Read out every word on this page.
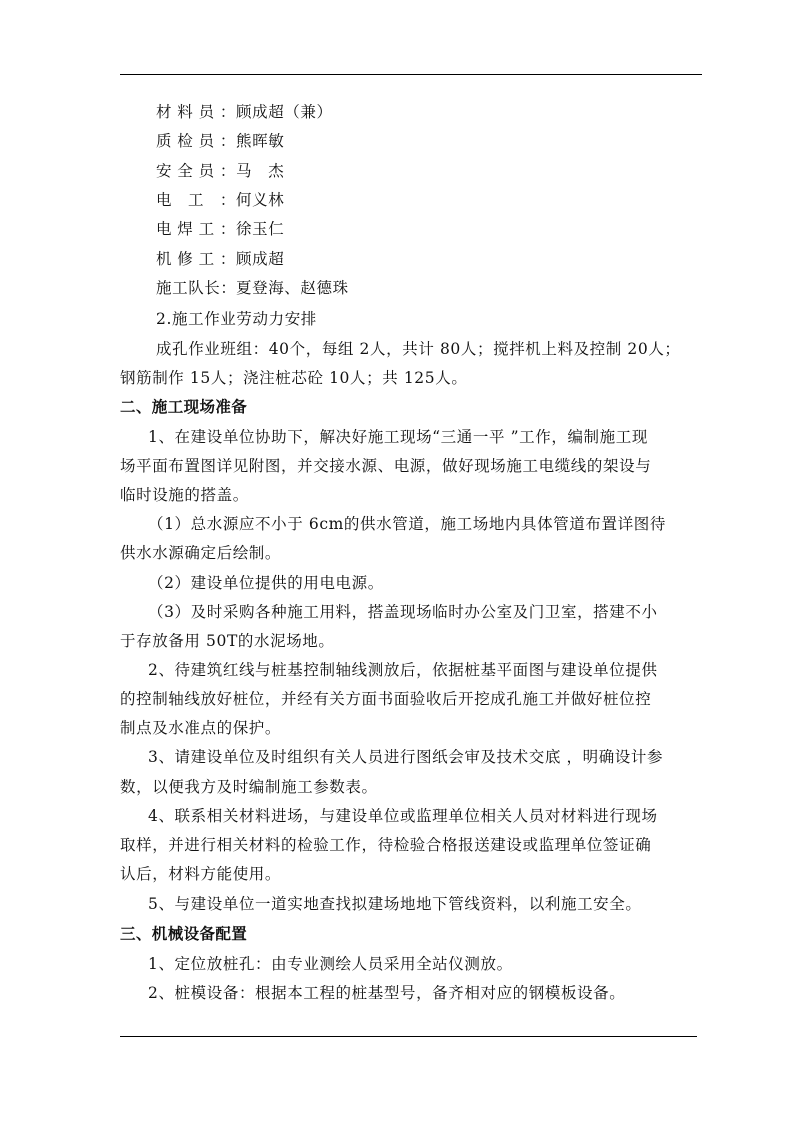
材料员：顾成超（兼）
质检员：熊晖敏
安全员：马　杰
电工：何义林
电焊工：徐玉仁
机修工：顾成超
施工队长：夏登海、赵德珠
2.施工作业劳动力安排
成孔作业班组：40个，每组 2人，共计 80人；搅拌机上料及控制 20人；
钢筋制作 15人；浇注桩芯砼 10人；共 125人。
二、施工现场准备
1、在建设单位协助下，解决好施工现场“三通一平 ”工作，编制施工现
场平面布置图详见附图，并交接水源、电源，做好现场施工电缆线的架设与
临时设施的搭盖。
（1）总水源应不小于 6cm的供水管道，施工场地内具体管道布置详图待
供水水源确定后绘制。
（2）建设单位提供的用电电源。
（3）及时采购各种施工用料，搭盖现场临时办公室及门卫室，搭建不小
于存放备用 50T的水泥场地。
2、待建筑红线与桩基控制轴线测放后，依据桩基平面图与建设单位提供
的控制轴线放好桩位，并经有关方面书面验收后开挖成孔施工并做好桩位控
制点及水准点的保护。
3、请建设单位及时组织有关人员进行图纸会审及技术交底 ，明确设计参
数，以便我方及时编制施工参数表。
4、联系相关材料进场，与建设单位或监理单位相关人员对材料进行现场
取样，并进行相关材料的检验工作，待检验合格报送建设或监理单位签证确
认后，材料方能使用。
5、与建设单位一道实地查找拟建场地地下管线资料，以利施工安全。
三、机械设备配置
1、定位放桩孔：由专业测绘人员采用全站仪测放。
2、桩模设备：根据本工程的桩基型号，备齐相对应的钢模板设备。
